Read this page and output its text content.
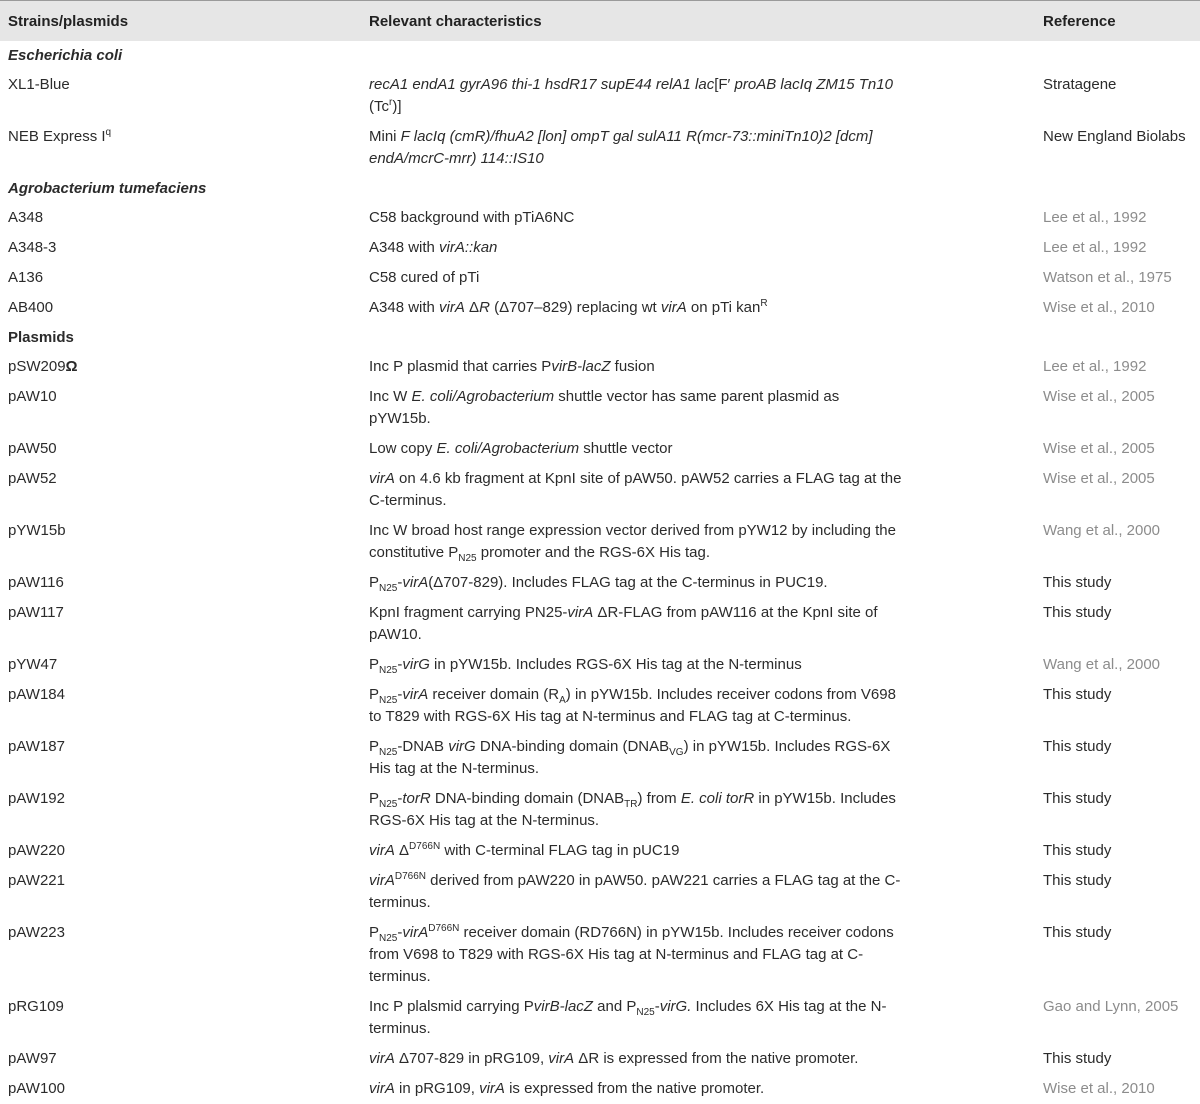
Strains/plasmids	Relevant characteristics	Reference
Escherichia coli		
XL1-Blue	recA1 endA1 gyrA96 thi-1 hsdR17 supE44 relA1 lac[F′ proAB lacIq ZM15 Tn10 (Tc$^r$)]	Stratagene
NEB Express $I^q$	Mini F lacIq (cmR)/fhuA2 [lon] ompT gal sulA11 R(mcr-73::miniTn10)2 [dcm] endA/mcrC-mrr) 114::IS10	New England Biolabs
Agrobacterium tumefaciens		
A348	C58 background with pTiA6NC	Lee et al., 1992
A348-3	A348 with virA::kan	Lee et al., 1992
A136	C58 cured of pTi	Watson et al., 1975
AB400	A348 with virA ΔR (Δ707–829) replacing wt virA on pTi kan$^R$	Wise et al., 2010
Plasmids		
pSW209Ω	Inc P plasmid that carries PvirB-lacZ fusion	Lee et al., 1992
pAW10	Inc W E. coli/Agrobacterium shuttle vector has same parent plasmid as pYW15b.	Wise et al., 2005
pAW50	Low copy E. coli/Agrobacterium shuttle vector	Wise et al., 2005
pAW52	virA on 4.6 kb fragment at KpnI site of pAW50. pAW52 carries a FLAG tag at the C-terminus.	Wise et al., 2005
pYW15b	Inc W broad host range expression vector derived from pYW12 by including the constitutive $P_{N25}$ promoter and the RGS-6X His tag.	Wang et al., 2000
pAW116	$P_{N25}-virA(\Delta 707-829)$. Includes FLAG tag at the C-terminus in PUC19.	This study
pAW117	KpnI fragment carrying PN25-virA ΔR-FLAG from pAW116 at the KpnI site of pAW10.	This study
pYW47	$P_{N25}$-virG in pYW15b. Includes RGS-6X His tag at the N-terminus	Wang et al., 2000
pAW184	$P_{N25}$-virA receiver domain $(R_A)$ in pYW15b. Includes receiver codons from V698 to T829 with RGS-6X His tag at N-terminus and FLAG tag at C-terminus.	This study
pAW187	$P_{N25}$-DNAB virG DNA-binding domain $(DNAB_{VG})$ in pYW15b. Includes RGS-6X His tag at the N-terminus.	This study
pAW192	$P_{N25}$-torR DNA-binding domain $(DNAB_{TR})$ from E. coli torR in pYW15b. Includes RGS-6X His tag at the N-terminus.	This study
pAW220	virA $\Delta^{D766N}$ with C-terminal FLAG tag in pUC19	This study
pAW221	virA$^{D766N}$ derived from pAW220 in pAW50. pAW221 carries a FLAG tag at the C-terminus.	This study
pAW223	$P_{N25}-virA^{D766N}$ receiver domain (RD766N) in pYW15b. Includes receiver codons from V698 to T829 with RGS-6X His tag at N-terminus and FLAG tag at C-terminus.	This study
pRG109	Inc P plalsmid carrying PvirB-lacZ and $P_{N25}$-virG. Includes 6X His tag at the N-terminus.	Gao and Lynn, 2005
pAW97	virA Δ707-829 in pRG109, virA ΔR is expressed from the native promoter.	This study
pAW100	virA in pRG109, virA is expressed from the native promoter.	Wise et al., 2010
